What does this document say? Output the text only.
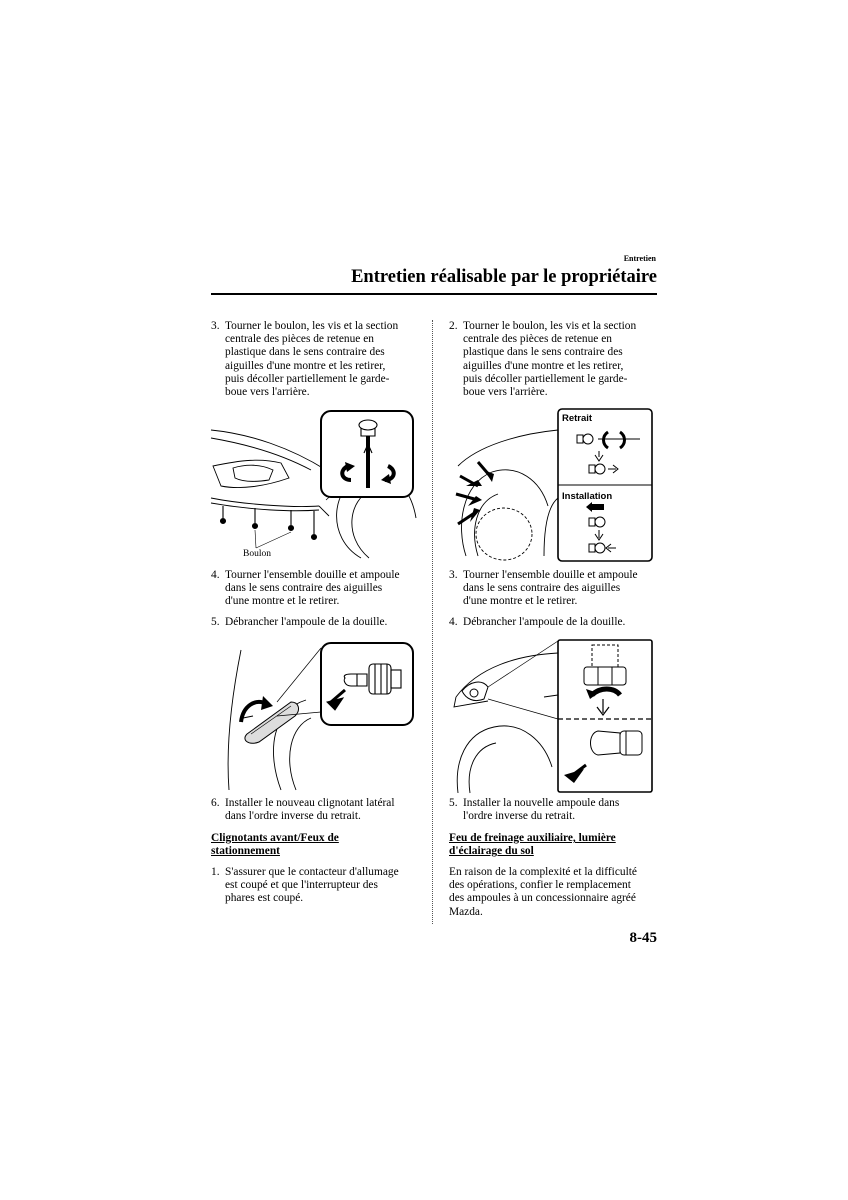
Entretien
Entretien réalisable par le propriétaire
3. Tourner le boulon, les vis et la section
centrale des pièces de retenue en
plastique dans le sens contraire des
aiguilles d'une montre et les retirer,
puis décoller partiellement le garde-
boue vers l'arrière.
Boulon
4. Tourner l'ensemble douille et ampoule
dans le sens contraire des aiguilles
d'une montre et le retirer.
5. Débrancher l'ampoule de la douille.
6. Installer le nouveau clignotant latéral
dans l'ordre inverse du retrait.
Clignotants avant/Feux de
stationnement
1. S'assurer que le contacteur d'allumage
est coupé et que l'interrupteur des
phares est coupé.
2. Tourner le boulon, les vis et la section
centrale des pièces de retenue en
plastique dans le sens contraire des
aiguilles d'une montre et les retirer,
puis décoller partiellement le garde-
boue vers l'arrière.
Retrait
Installation
3. Tourner l'ensemble douille et ampoule
dans le sens contraire des aiguilles
d'une montre et le retirer.
4. Débrancher l'ampoule de la douille.
5. Installer la nouvelle ampoule dans
l'ordre inverse du retrait.
Feu de freinage auxiliaire, lumière
d'éclairage du sol
En raison de la complexité et la difficulté
des opérations, confier le remplacement
des ampoules à un concessionnaire agréé
Mazda.
8-45
